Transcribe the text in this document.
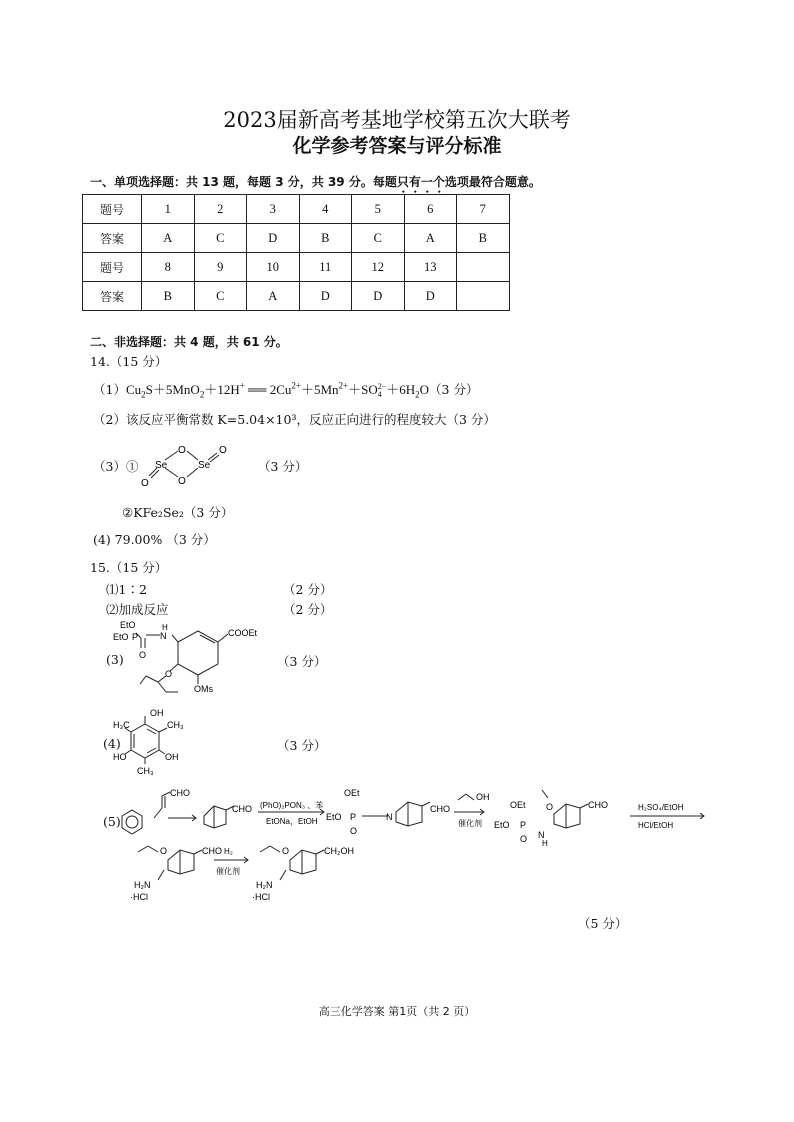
2023届新高考基地学校第五次大联考
化学参考答案与评分标准
一、单项选择题：共 13 题，每题 3 分，共 39 分。每题只有一个选项最符合题意。
题号	1	2	3	4	5	6	7
答案	A	C	D	B	C	A	B
题号	8	9	10	11	12	13	
答案	B	C	A	D	D	D	
二、非选择题：共 4 题，共 61 分。
14.（15 分）
$(1)Cu_2S+5MnO_2+12H^+$ ══ $2Cu^{2+}+5Mn^{2+}+SO$ 2−
$4 +6H_2O(3$ 分）
（2）该反应平衡常数 K=5.04×10³，反应正向进行的程度较大（3 分）
（3）① Se	Se
O
O
O
O
（3 分）
②KFe₂Se₂（3 分）
(4) 79.00% （3 分）
15.（15 分）
⑴1∶2	（2 分）
⑵加成反应	（2 分）
(3)
EtO
EtO P
O
N
H
COOEt
O
OMs
（3 分）
(4)
OH
H₃C	CH₃
HO	OH
CH₃
（3 分）
(5)
CHO
CHO (PhO)₂PON₃ 、苯
EtONa，EtOH
OEt
EtO P
O
N
CHO
OH
催化剂
OEt
EtO P
O N
H
O	CHO	H₂SO₄/EtOH
HCl/EtOH
O	CHO
H₂N
·HCl
H₂
催化剂
O	CH₂OH
H₂N
·HCl
（5 分）
高三化学答案 第1页（共 2 页）
